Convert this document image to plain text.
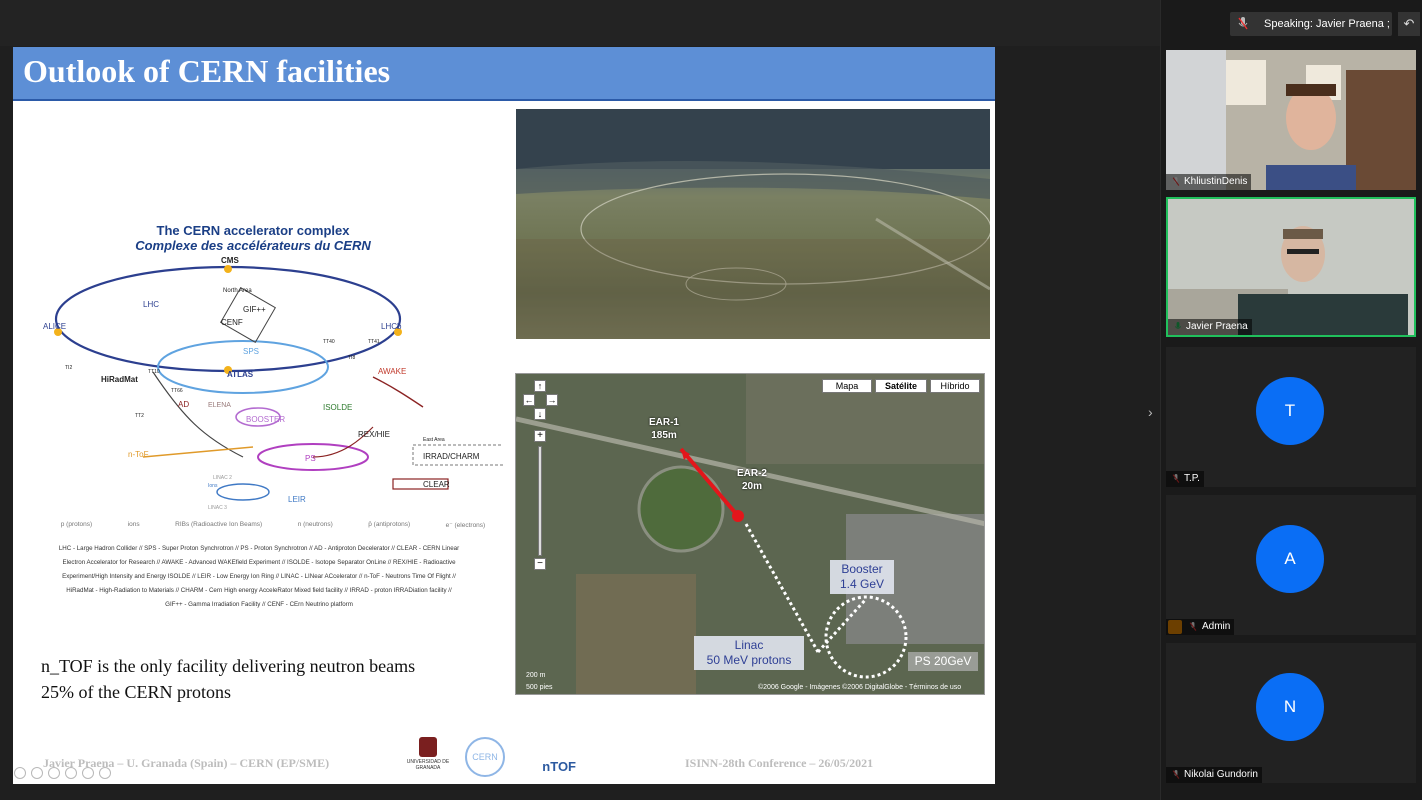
Outlook of CERN facilities
The CERN accelerator complex
Complexe des accélérateurs du CERN
CMS
LHC
North Area
GIF++
CENF
ALICE	LHCb
SPS
TT40	TT41
TI2
TI8
TT10
HiRadMat
ATLAS	AWAKE
TT66
AD	ELENA
BOOSTER
ISOLDE
TT2
REX/HIE
East Area
IRRAD/CHARM
n-ToF	PS
LINAC 2
LINAC 3
Ions
LEIR
CLEAR
p (protons)	ions	RIBs (Radioactive Ion Beams)	n (neutrons)	p̄ (antiprotons)	e⁻ (electrons)
LHC - Large Hadron Collider // SPS - Super Proton Synchrotron // PS - Proton Synchrotron // AD - Antiproton Decelerator // CLEAR - CERN Linear
Electron Accelerator for Research // AWAKE - Advanced WAKEfield Experiment // ISOLDE - Isotope Separator OnLine // REX/HIE - Radioactive
Experiment/High Intensity and Energy ISOLDE // LEIR - Low Energy Ion Ring // LINAC - LINear ACcelerator // n-ToF - Neutrons Time Of Flight //
HiRadMat - High-Radiation to Materials // CHARM - Cern High energy AcceleRator Mixed field facility // IRRAD - proton IRRADiation facility //
GIF++ - Gamma Irradiation Facility // CENF - CErn Neutrino platform
↑
← →
↓
+
−
Mapa	Satélite	Híbrido
EAR-1
185m
EAR-2
20m
Booster
1.4 GeV
Linac
50 MeV protons	PS 20GeV
200 m
500 pies	©2006 Google - Imágenes ©2006 DigitalGlobe - Términos de uso
n_TOF is the only facility delivering neutron beams
25% of the CERN protons
Javier Praena – U. Granada (Spain) – CERN (EP/SME)	UNIVERSIDAD DE GRANADA
CERN
nTOF	ISINN-28th Conference – 26/05/2021
›
Speaking: Javier Praena ;	↶
KhliustinDenis
Javier Praena
T
T.P.
A
Admin
N
Nikolai Gundorin
